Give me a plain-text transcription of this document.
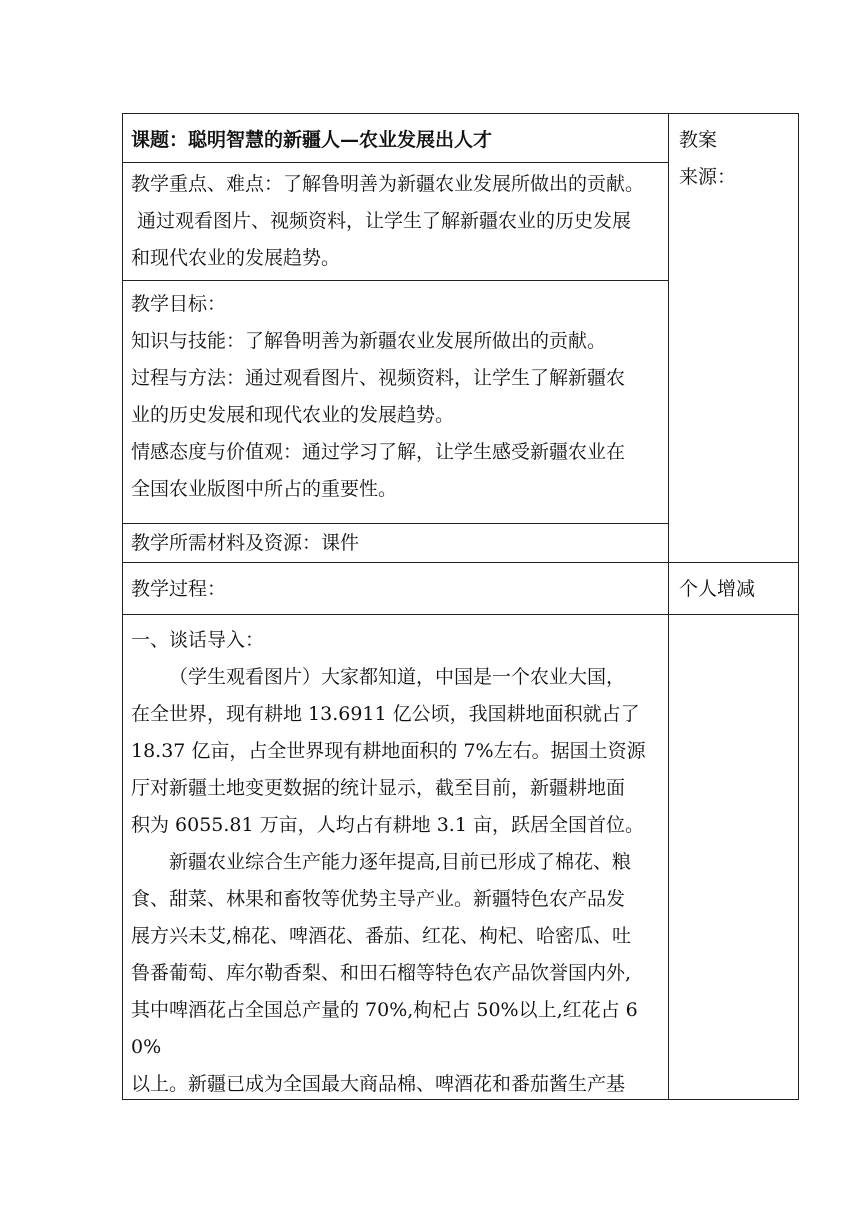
课题：聪明智慧的新疆人—农业发展出人才	教案
来源：
教学重点、难点：了解鲁明善为新疆农业发展所做出的贡献。
通过观看图片、视频资料，让学生了解新疆农业的历史发展
和现代农业的发展趋势。
教学目标：
知识与技能：了解鲁明善为新疆农业发展所做出的贡献。
过程与方法：通过观看图片、视频资料，让学生了解新疆农
业的历史发展和现代农业的发展趋势。
情感态度与价值观：通过学习了解，让学生感受新疆农业在
全国农业版图中所占的重要性。
教学所需材料及资源：课件
教学过程：	个人增减
一、谈话导入：
（学生观看图片）大家都知道，中国是一个农业大国，
在全世界，现有耕地 13.6911 亿公顷，我国耕地面积就占了
18.37 亿亩，占全世界现有耕地面积的 7%左右。据国土资源
厅对新疆土地变更数据的统计显示，截至目前，新疆耕地面
积为 6055.81 万亩，人均占有耕地 3.1 亩，跃居全国首位。
新疆农业综合生产能力逐年提高,目前已形成了棉花、粮
食、甜菜、林果和畜牧等优势主导产业。新疆特色农产品发
展方兴未艾,棉花、啤酒花、番茄、红花、枸杞、哈密瓜、吐
鲁番葡萄、库尔勒香梨、和田石榴等特色农产品饮誉国内外,
其中啤酒花占全国总产量的 70%,枸杞占 50%以上,红花占 60%
以上。新疆已成为全国最大商品棉、啤酒花和番茄酱生产基
